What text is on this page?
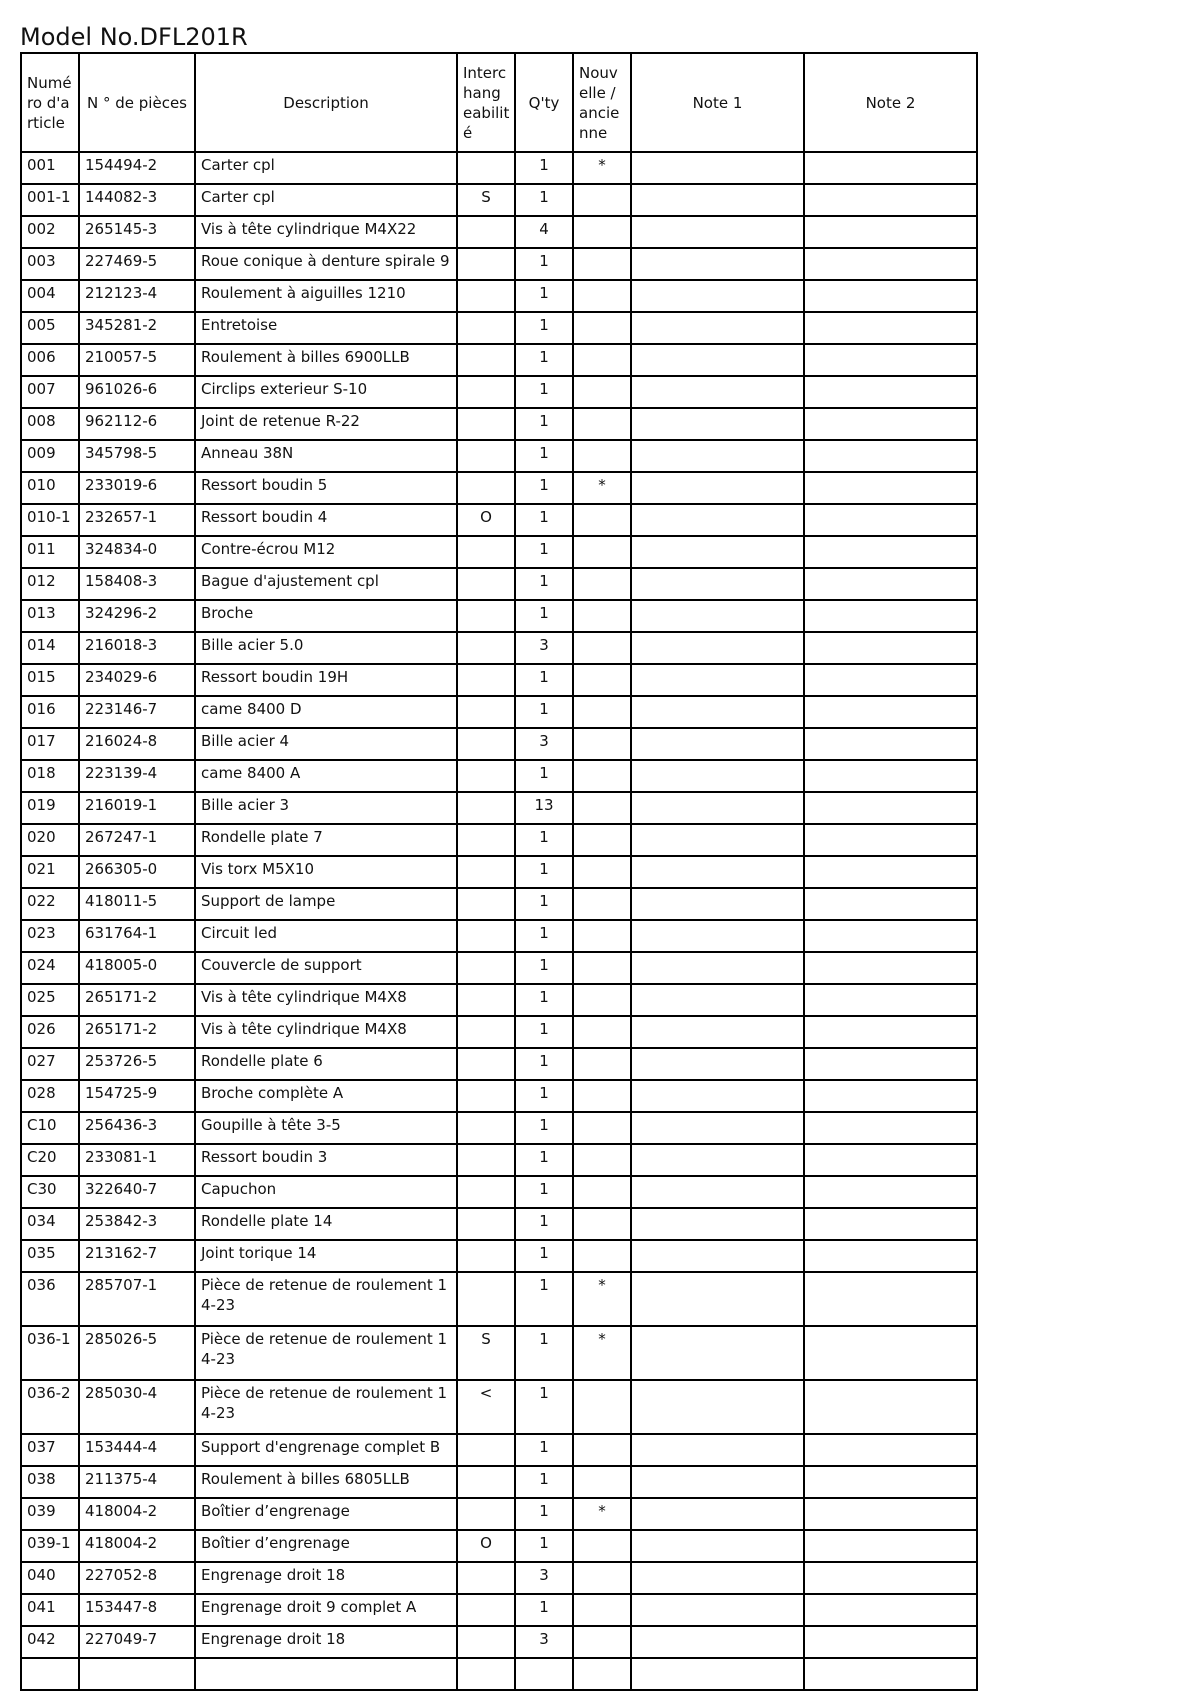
Model No.DFL201R
Numé ro d'a rticle	N ° de pièces	Description	Interc hang eabilit é	Q'ty	Nouv elle / ancie nne	Note 1	Note 2
001	154494-2	Carter cpl		1	*		
001-1	144082-3	Carter cpl	S	1			
002	265145-3	Vis à tête cylindrique M4X22		4			
003	227469-5	Roue conique à denture spirale 9		1			
004	212123-4	Roulement à aiguilles 1210		1			
005	345281-2	Entretoise		1			
006	210057-5	Roulement à billes 6900LLB		1			
007	961026-6	Circlips exterieur S-10		1			
008	962112-6	Joint de retenue R-22		1			
009	345798-5	Anneau 38N		1			
010	233019-6	Ressort boudin 5		1	*		
010-1	232657-1	Ressort boudin 4	O	1			
011	324834-0	Contre-écrou M12		1			
012	158408-3	Bague d'ajustement cpl		1			
013	324296-2	Broche		1			
014	216018-3	Bille acier 5.0		3			
015	234029-6	Ressort boudin 19H		1			
016	223146-7	came 8400 D		1			
017	216024-8	Bille acier 4		3			
018	223139-4	came 8400 A		1			
019	216019-1	Bille acier 3		13			
020	267247-1	Rondelle plate 7		1			
021	266305-0	Vis torx M5X10		1			
022	418011-5	Support de lampe		1			
023	631764-1	Circuit led		1			
024	418005-0	Couvercle de support		1			
025	265171-2	Vis à tête cylindrique M4X8		1			
026	265171-2	Vis à tête cylindrique M4X8		1			
027	253726-5	Rondelle plate 6		1			
028	154725-9	Broche complète A		1			
C10	256436-3	Goupille à tête 3-5		1			
C20	233081-1	Ressort boudin 3		1			
C30	322640-7	Capuchon		1			
034	253842-3	Rondelle plate 14		1			
035	213162-7	Joint torique 14		1			
036	285707-1	Pièce de retenue de roulement 1 4-23		1	*		
036-1	285026-5	Pièce de retenue de roulement 1 4-23	S	1	*		
036-2	285030-4	Pièce de retenue de roulement 1 4-23	<	1			
037	153444-4	Support d'engrenage complet B		1			
038	211375-4	Roulement à billes 6805LLB		1			
039	418004-2	Boîtier d’engrenage		1	*		
039-1	418004-2	Boîtier d’engrenage	O	1			
040	227052-8	Engrenage droit 18		3			
041	153447-8	Engrenage droit 9 complet A		1			
042	227049-7	Engrenage droit 18		3			
